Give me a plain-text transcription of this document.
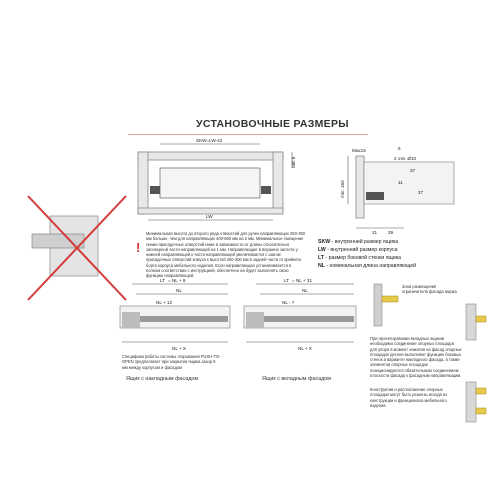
УСТАНОВОЧНЫЕ РАЗМЕРЫ
SKW=LW-42
LW
Min 8
Max15	6
2 отв. Ø10
37
11
27
21 29
min. 160
SKW - внутренний размер ящика
LW - внутренний размер корпуса
LT - размер боковой стенки ящика
NL - номинальная длина направляющей
!
Минимальная высота до второго ряда отверстий для ручек направляющих 250-350 мм больше, чем для направляющих 400-550 мм на 2 мм. Минимальное смещение линии присадочных отверстий ниже в зависимости от длины относительно засеверной части направляющей на 1 мм. Направляющие в вершине засчета у нижней направляющей к части направляющей увеличивается с шагом присадочных отверстий кожуха к высотой 250-300 мм в задней части от крайнего борта корпуса мебельного изделия. Если направляющая устанавливается в полном соответствии с инструкцией, обеспечено на будет выполнять свою функцию направляющей.
LT = NL + 9
NL
NL + 12
NL + X
LT = NL + 31
NL
NL - 7
NL + X
Специфика работы системы открывания PUSH-TO-OPEN предполагает при закрытии ящика зазор 9 мм между корпусом и фасадом
Ящик с накладным фасадом	Ящик с вкладным фасадом
Зона размещения
ограничителя фасада ящика
При проектировании вкладных ящиков необходимо соединение опорных площадок для упора в момент нажатия на фасад опорных площадок детали выполняют функцию боковых стенок а варианте накладного фасада, а также элементов опорных площадок позиционируются обязательным соединением плоскости фасада к фасадным направляющим.
Конструктив и расположение опорных площадок могут быть решены исходя из конструкции и функционала мебельного изделия.
